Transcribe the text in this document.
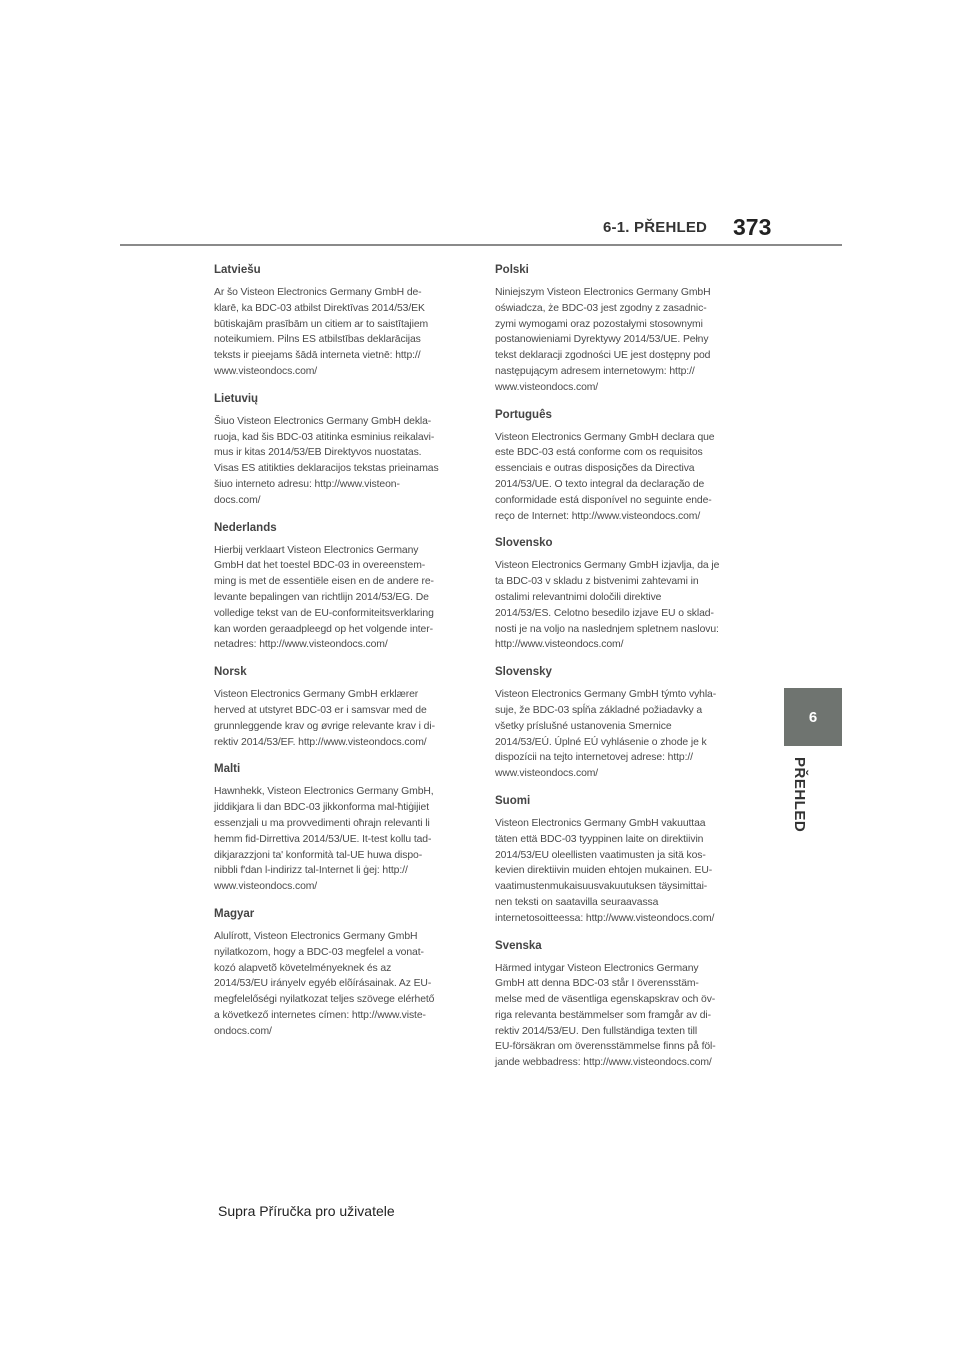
6-1. PŘEHLED 373
6
PŘEHLED
Latviešu

Ar šo Visteon Electronics Germany GmbH de-
klarē, ka BDC-03 atbilst Direktīvas 2014/53/EK
būtiskajām prasībām un citiem ar to saistītajiem
noteikumiem. Pilns ES atbilstības deklarācijas
teksts ir pieejams šādā interneta vietnē: http://
www.visteondocs.com/

Lietuvių

Šiuo Visteon Electronics Germany GmbH dekla-
ruoja, kad šis BDC-03 atitinka esminius reikalavi-
mus ir kitas 2014/53/EB Direktyvos nuostatas.
Visas ES atitikties deklaracijos tekstas prieinamas
šiuo interneto adresu: http://www.visteon-
docs.com/

Nederlands

Hierbij verklaart Visteon Electronics Germany
GmbH dat het toestel BDC-03 in overeenstem-
ming is met de essentiële eisen en de andere re-
levante bepalingen van richtlijn 2014/53/EG. De
volledige tekst van de EU-conformiteitsverklaring
kan worden geraadpleegd op het volgende inter-
netadres: http://www.visteondocs.com/

Norsk

Visteon Electronics Germany GmbH erklærer
herved at utstyret BDC-03 er i samsvar med de
grunnleggende krav og øvrige relevante krav i di-
rektiv 2014/53/EF. http://www.visteondocs.com/

Malti

Hawnhekk, Visteon Electronics Germany GmbH,
jiddikjara li dan BDC-03 jikkonforma mal-ħtiġijiet
essenzjali u ma provvedimenti oħrajn relevanti li
hemm fid-Dirrettiva 2014/53/UE. It-test kollu tad-
dikjarazzjoni ta' konformità tal-UE huwa dispo-
nibbli f'dan l-indirizz tal-Internet li ġej: http://
www.visteondocs.com/

Magyar

Alulírott, Visteon Electronics Germany GmbH
nyilatkozom, hogy a BDC-03 megfelel a vonat-
kozó alapvetõ követelményeknek és az
2014/53/EU irányelv egyéb elõírásainak. Az EU-
megfelelőségi nyilatkozat teljes szövege elérhető
a következő internetes címen: http://www.viste-
ondocs.com/

Polski

Niniejszym Visteon Electronics Germany GmbH
oświadcza, że BDC-03 jest zgodny z zasadnic-
zymi wymogami oraz pozostałymi stosownymi
postanowieniami Dyrektywy 2014/53/UE. Pełny
tekst deklaracji zgodności UE jest dostępny pod
następującym adresem internetowym: http://
www.visteondocs.com/

Português

Visteon Electronics Germany GmbH declara que
este BDC-03 está conforme com os requisitos
essenciais e outras disposições da Directiva
2014/53/UE. O texto integral da declaração de
conformidade está disponível no seguinte ende-
reço de Internet: http://www.visteondocs.com/

Slovensko

Visteon Electronics Germany GmbH izjavlja, da je
ta BDC-03 v skladu z bistvenimi zahtevami in
ostalimi relevantnimi določili direktive
2014/53/ES. Celotno besedilo izjave EU o sklad-
nosti je na voljo na naslednjem spletnem naslovu:
http://www.visteondocs.com/

Slovensky

Visteon Electronics Germany GmbH týmto vyhla-
suje, že BDC-03 spĺňa základné požiadavky a
všetky príslušné ustanovenia Smernice
2014/53/EÚ. Úplné EÚ vyhlásenie o zhode je k
dispozícii na tejto internetovej adrese: http://
www.visteondocs.com/

Suomi

Visteon Electronics Germany GmbH vakuuttaa
täten että BDC-03 tyyppinen laite on direktiivin
2014/53/EU oleellisten vaatimusten ja sitä kos-
kevien direktiivin muiden ehtojen mukainen. EU-
vaatimustenmukaisuusvakuutuksen täysimittai-
nen teksti on saatavilla seuraavassa
internetosoitteessa: http://www.visteondocs.com/

Svenska

Härmed intygar Visteon Electronics Germany
GmbH att denna BDC-03 står I överensstäm-
melse med de väsentliga egenskapskrav och öv-
riga relevanta bestämmelser som framgår av di-
rektiv 2014/53/EU. Den fullständiga texten till
EU-försäkran om överensstämmelse finns på föl-
jande webbadress: http://www.visteondocs.com/

Supra Příručka pro uživatele
